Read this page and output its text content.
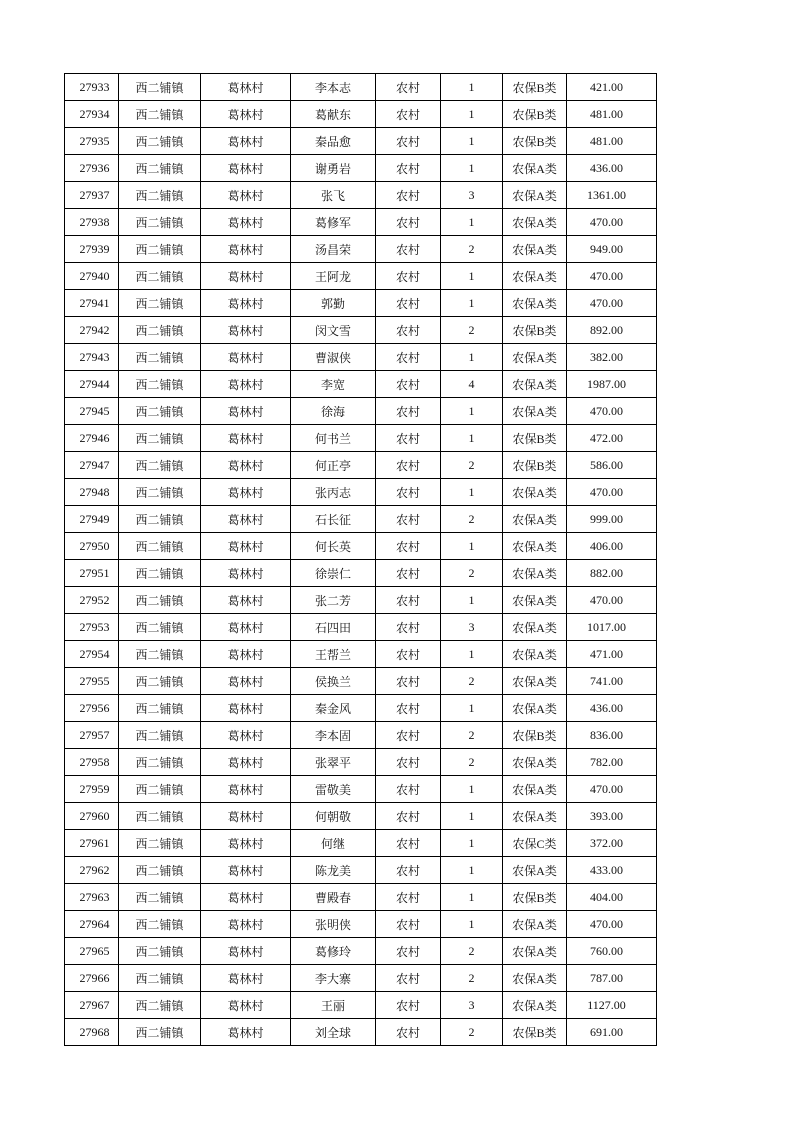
27933	西二铺镇	葛林村	李本志	农村	1	农保B类	421.00
27934	西二铺镇	葛林村	葛献东	农村	1	农保B类	481.00
27935	西二铺镇	葛林村	秦品愈	农村	1	农保B类	481.00
27936	西二铺镇	葛林村	谢勇岩	农村	1	农保A类	436.00
27937	西二铺镇	葛林村	张飞	农村	3	农保A类	1361.00
27938	西二铺镇	葛林村	葛修军	农村	1	农保A类	470.00
27939	西二铺镇	葛林村	汤昌荣	农村	2	农保A类	949.00
27940	西二铺镇	葛林村	王阿龙	农村	1	农保A类	470.00
27941	西二铺镇	葛林村	郭勤	农村	1	农保A类	470.00
27942	西二铺镇	葛林村	闵文雪	农村	2	农保B类	892.00
27943	西二铺镇	葛林村	曹淑侠	农村	1	农保A类	382.00
27944	西二铺镇	葛林村	李宽	农村	4	农保A类	1987.00
27945	西二铺镇	葛林村	徐海	农村	1	农保A类	470.00
27946	西二铺镇	葛林村	何书兰	农村	1	农保B类	472.00
27947	西二铺镇	葛林村	何正亭	农村	2	农保B类	586.00
27948	西二铺镇	葛林村	张丙志	农村	1	农保A类	470.00
27949	西二铺镇	葛林村	石长征	农村	2	农保A类	999.00
27950	西二铺镇	葛林村	何长英	农村	1	农保A类	406.00
27951	西二铺镇	葛林村	徐崇仁	农村	2	农保A类	882.00
27952	西二铺镇	葛林村	张二芳	农村	1	农保A类	470.00
27953	西二铺镇	葛林村	石四田	农村	3	农保A类	1017.00
27954	西二铺镇	葛林村	王帮兰	农村	1	农保A类	471.00
27955	西二铺镇	葛林村	侯换兰	农村	2	农保A类	741.00
27956	西二铺镇	葛林村	秦金风	农村	1	农保A类	436.00
27957	西二铺镇	葛林村	李本固	农村	2	农保B类	836.00
27958	西二铺镇	葛林村	张翠平	农村	2	农保A类	782.00
27959	西二铺镇	葛林村	雷敬美	农村	1	农保A类	470.00
27960	西二铺镇	葛林村	何朝敬	农村	1	农保A类	393.00
27961	西二铺镇	葛林村	何继	农村	1	农保C类	372.00
27962	西二铺镇	葛林村	陈龙美	农村	1	农保A类	433.00
27963	西二铺镇	葛林村	曹殿春	农村	1	农保B类	404.00
27964	西二铺镇	葛林村	张明侠	农村	1	农保A类	470.00
27965	西二铺镇	葛林村	葛修玲	农村	2	农保A类	760.00
27966	西二铺镇	葛林村	李大寨	农村	2	农保A类	787.00
27967	西二铺镇	葛林村	王丽	农村	3	农保A类	1127.00
27968	西二铺镇	葛林村	刘全球	农村	2	农保B类	691.00
